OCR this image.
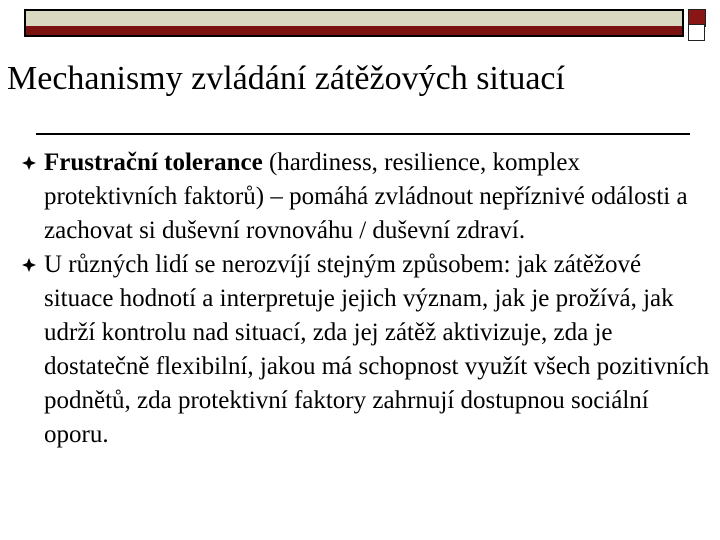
Mechanismy zvládání zátěžových situací
Frustrační tolerance (hardiness, resilience, komplex protektivních faktorů) – pomáhá zvládnout nepříznivé odálosti a zachovat si duševní rovnováhu / duševní zdraví.
U různých lidí se nerozvíjí stejným způsobem: jak zátěžové situace hodnotí a interpretuje jejich význam, jak je prožívá, jak udrží kontrolu nad situací, zda jej zátěž aktivizuje, zda je dostatečně flexibilní, jakou má schopnost využít všech pozitivních podnětů, zda protektivní faktory zahrnují dostupnou sociální oporu.
